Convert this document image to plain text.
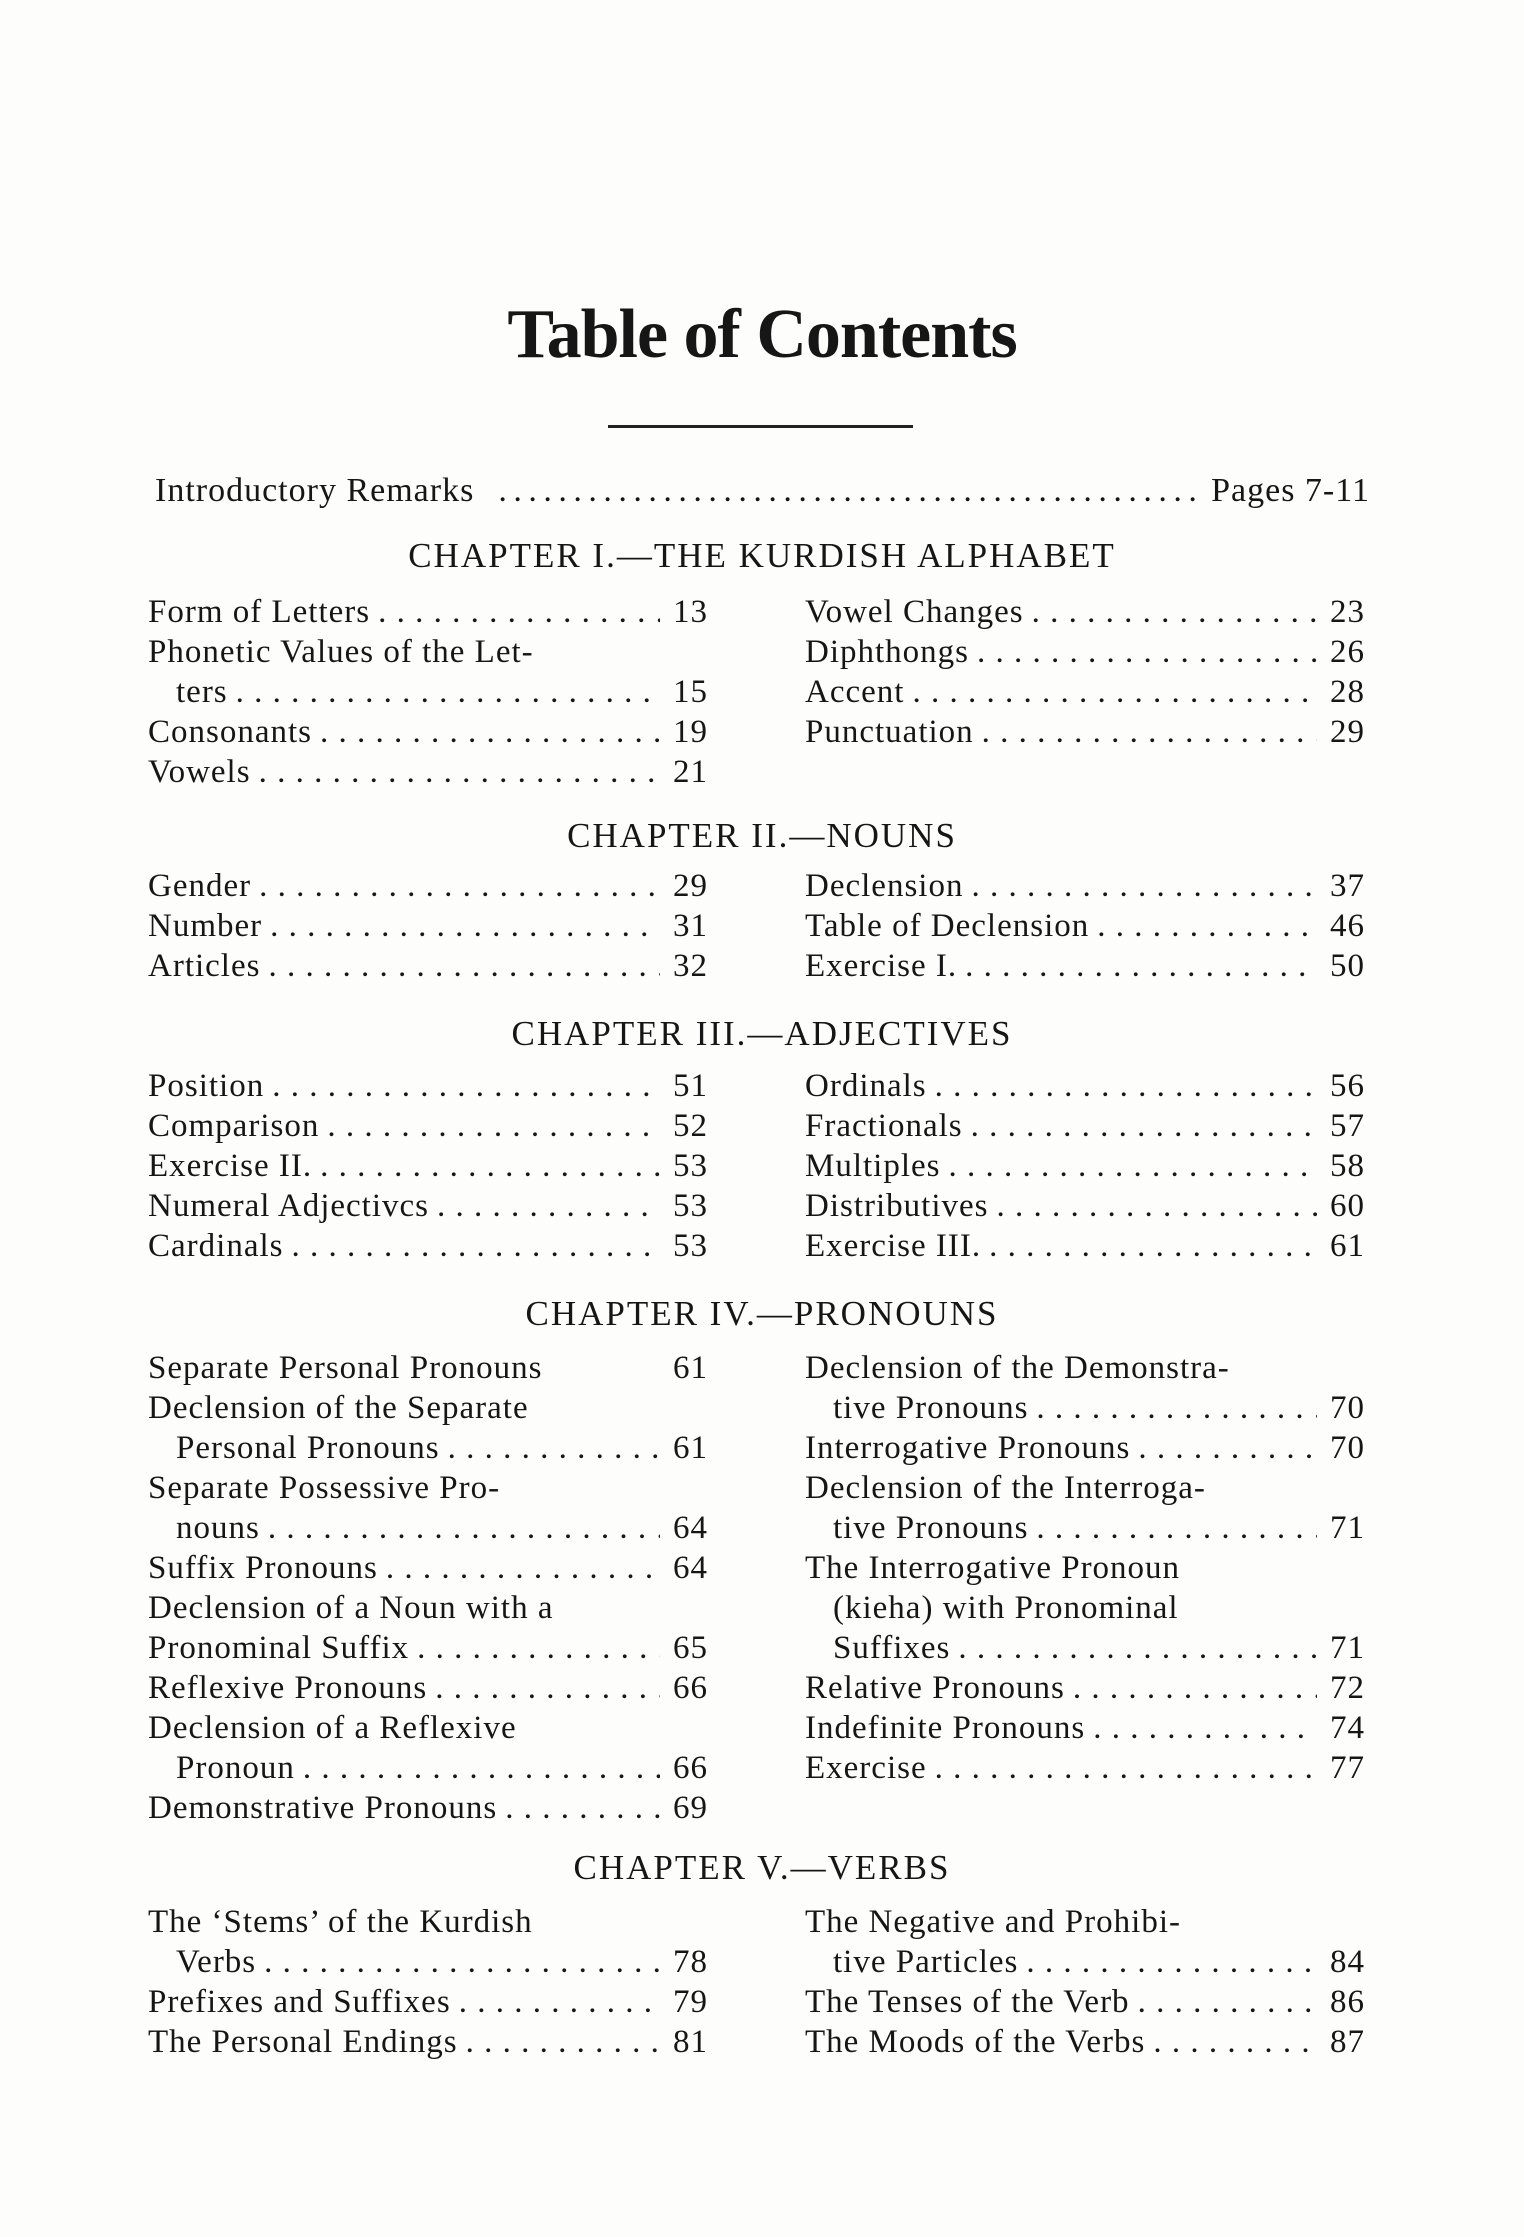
Table of Contents
Introductory Remarks . . .	Pages 7-11
CHAPTER I.—THE KURDISH ALPHABET
Form of Letters . . .	13
Phonetic Values of the Let-
ters . . .	15
Consonants . . .	19
Vowels . . .	21
Vowel Changes . . .	23
Diphthongs . . .	26
Accent . . .	28
Punctuation . . .	29
CHAPTER II.—NOUNS
Gender . . .	29
Number . . .	31
Articles . . .	32
Declension . . .	37
Table of Declension . . .	46
Exercise I. . . .	50
CHAPTER III.—ADJECTIVES
Position . . .	51
Comparison . . .	52
Exercise II. . . .	53
Numeral Adjectivcs . . .	53
Cardinals . . .	53
Ordinals . . .	56
Fractionals . . .	57
Multiples . . .	58
Distributives . . .	60
Exercise III. . . .	61
CHAPTER IV.—PRONOUNS
Separate Personal Pronouns	61
Declension of the Separate
Personal Pronouns . . .	61
Separate Possessive Pro-
nouns . . .	64
Suffix Pronouns . . .	64
Declension of a Noun with a
Pronominal Suffix . . .	65
Reflexive Pronouns . . .	66
Declension of a Reflexive
Pronoun . . .	66
Demonstrative Pronouns . . .	69
Declension of the Demonstra-
tive Pronouns . . .	70
Interrogative Pronouns . . .	70
Declension of the Interroga-
tive Pronouns . . .	71
The Interrogative Pronoun
(kieha) with Pronominal
Suffixes . . .	71
Relative Pronouns . . .	72
Indefinite Pronouns . . .	74
Exercise . . .	77
CHAPTER V.—VERBS
The ‘Stems’ of the Kurdish
Verbs . . .	78
Prefixes and Suffixes . . .	79
The Personal Endings . . .	81
The Negative and Prohibi-
tive Particles . . .	84
The Tenses of the Verb . . .	86
The Moods of the Verbs . . .	87
